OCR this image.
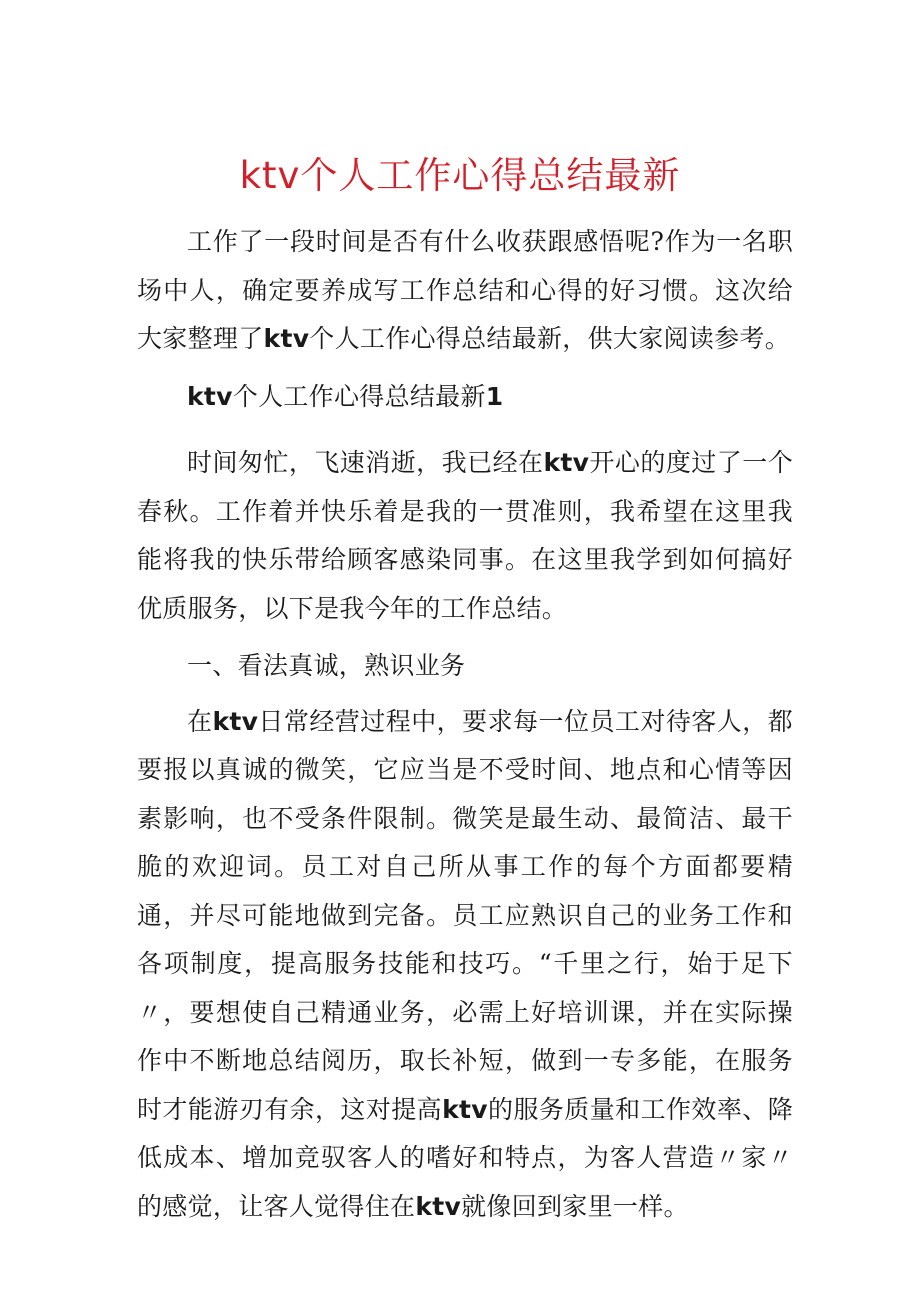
ktv个人工作心得总结最新

工作了一段时间是否有什么收获跟感悟呢?作为一名职场中人，确定要养成写工作总结和心得的好习惯。这次给大家整理了ktv个人工作心得总结最新，供大家阅读参考。

ktv个人工作心得总结最新1

时间匆忙，飞速消逝，我已经在ktv开心的度过了一个春秋。工作着并快乐着是我的一贯准则，我希望在这里我能将我的快乐带给顾客感染同事。在这里我学到如何搞好优质服务，以下是我今年的工作总结。

一、看法真诚，熟识业务

在ktv日常经营过程中，要求每一位员工对待客人，都要报以真诚的微笑，它应当是不受时间、地点和心情等因素影响，也不受条件限制。微笑是最生动、最简洁、最干脆的欢迎词。员工对自己所从事工作的每个方面都要精通，并尽可能地做到完备。员工应熟识自己的业务工作和各项制度，提高服务技能和技巧。“千里之行，始于足下〃，要想使自己精通业务，必需上好培训课，并在实际操作中不断地总结阅历，取长补短，做到一专多能，在服务时才能游刃有余，这对提高ktv的服务质量和工作效率、降低成本、增加竞驭客人的嗜好和特点，为客人营造〃家〃的感觉，让客人觉得住在ktv就像回到家里一样。
